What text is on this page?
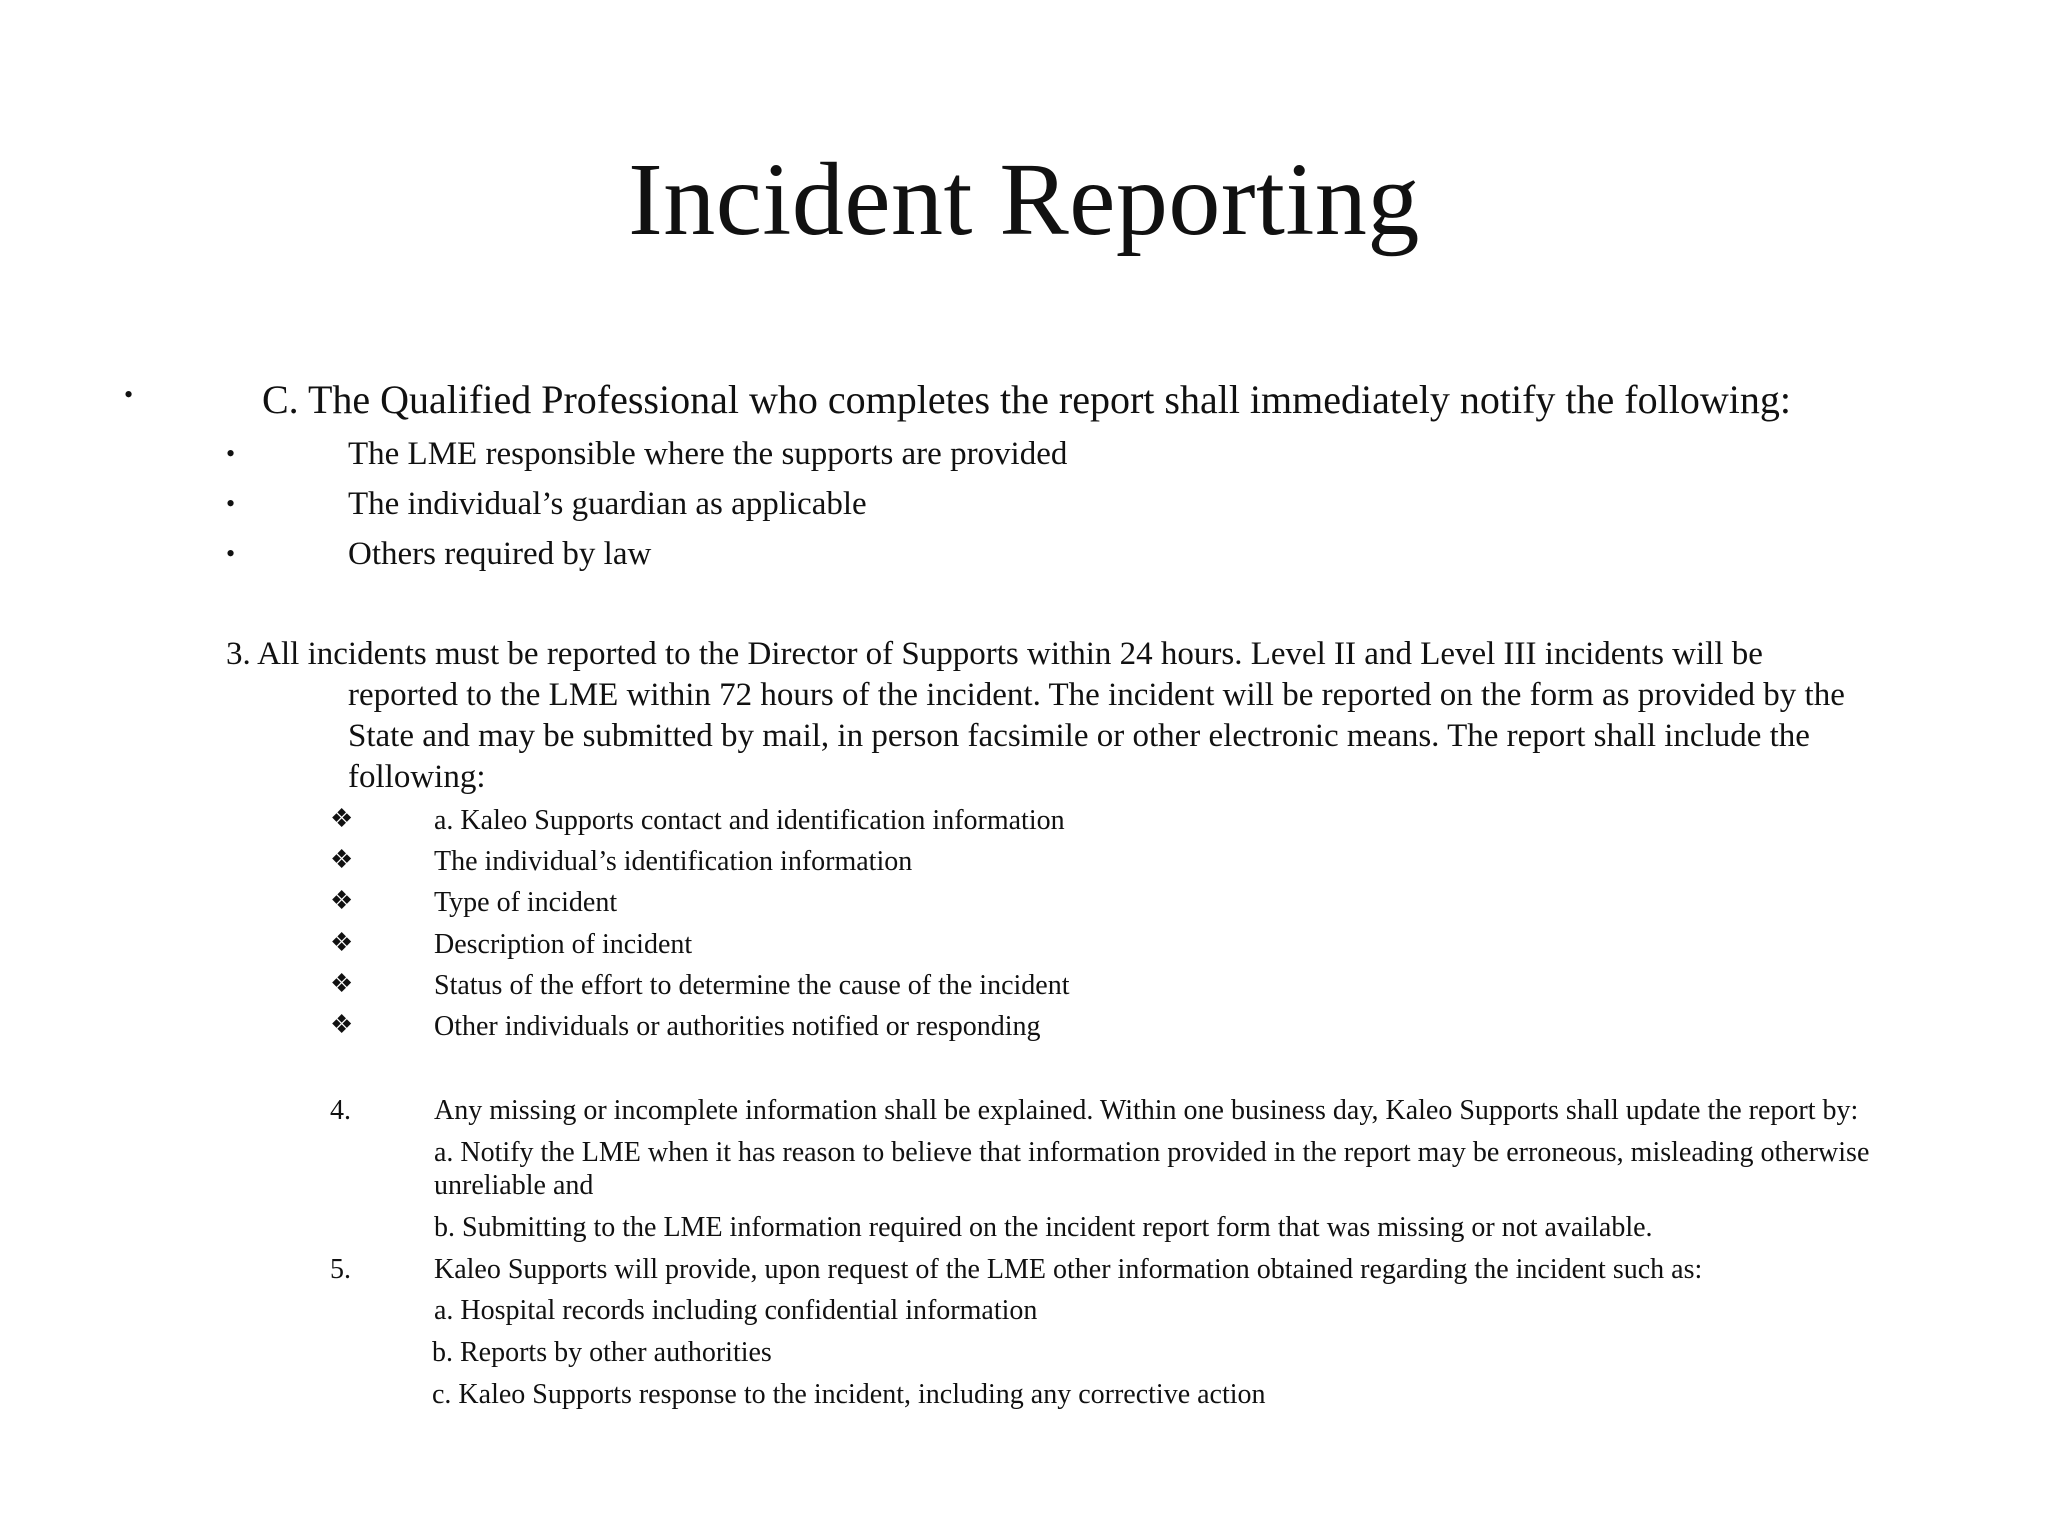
Incident Reporting
•	C. The Qualified Professional who completes the report shall immediately notify the following:
•	The LME responsible where the supports are provided
•	The individual’s guardian as applicable
•	Others required by law
3. All incidents must be reported to the Director of Supports within 24 hours. Level II and Level III incidents will be
reported to the LME within 72 hours of the incident. The incident will be reported on the form as provided by the
State and may be submitted by mail, in person facsimile or other electronic means. The report shall include the
following:
❖	a. Kaleo Supports contact and identification information
❖	The individual’s identification information
❖	Type of incident
❖	Description of incident
❖	Status of the effort to determine the cause of the incident
❖	Other individuals or authorities notified or responding
4.	Any missing or incomplete information shall be explained. Within one business day, Kaleo Supports shall update the report by:
a. Notify the LME when it has reason to believe that information provided in the report may be erroneous, misleading otherwise
unreliable and
b. Submitting to the LME information required on the incident report form that was missing or not available.
5.	Kaleo Supports will provide, upon request of the LME other information obtained regarding the incident such as:
a. Hospital records including confidential information
b. Reports by other authorities
c. Kaleo Supports response to the incident, including any corrective action
